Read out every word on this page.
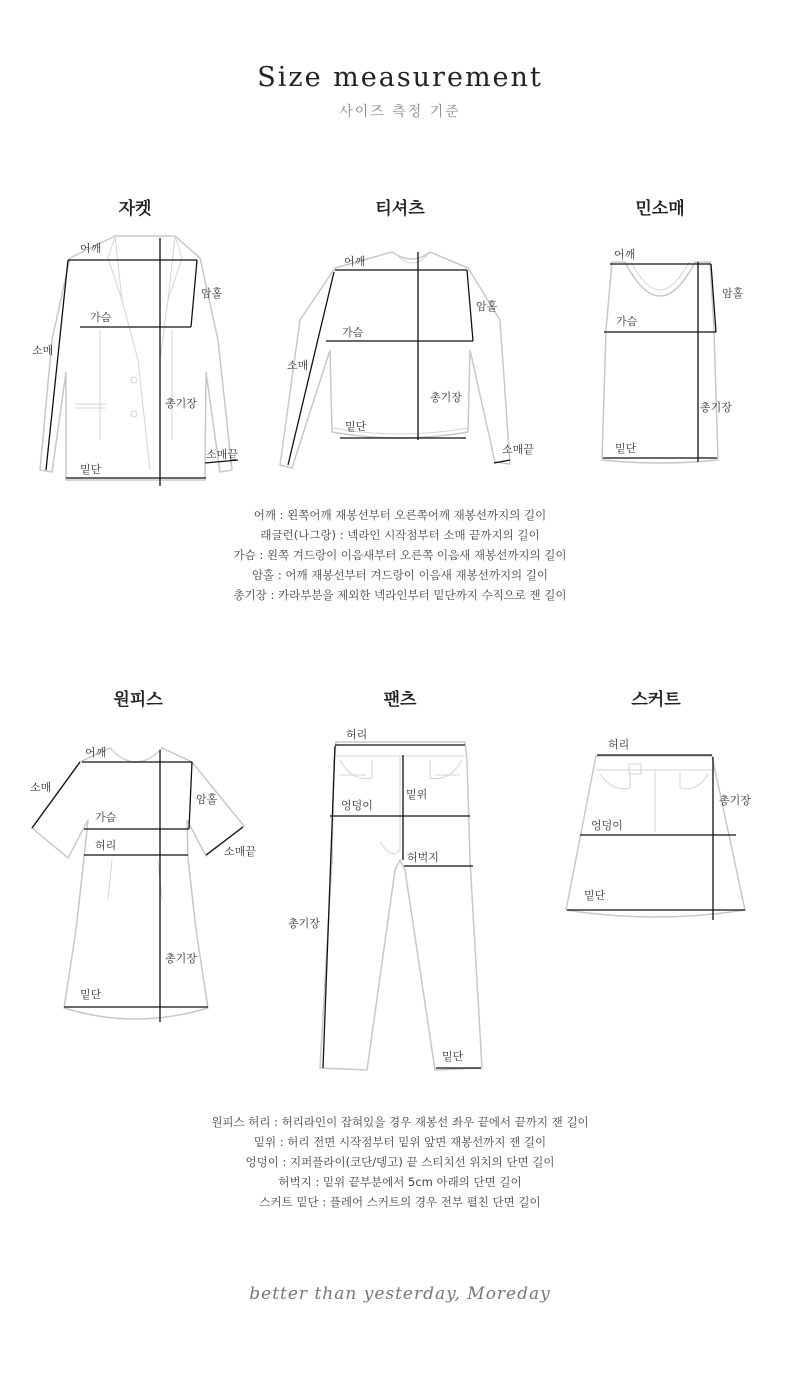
Size measurement
사이즈 측정 기준
자켓	티셔츠	민소매
어깨
암홀
가슴
소매
총기장
소매끝
밑단
어깨
암홀
가슴
소매
총기장
밑단
소매끝
어깨
암홀
가슴
총기장
밑단
어깨 : 왼쪽어깨 재봉선부터 오른쪽어깨 재봉선까지의 길이
래글런(나그랑) : 넥라인 시작점부터 소매 끝까지의 길이
가슴 : 왼쪽 겨드랑이 이음새부터 오른쪽 이음새 재봉선까지의 길이
암홀 : 어깨 재봉선부터 겨드랑이 이음새 재봉선까지의 길이
총기장 : 카라부분을 제외한 넥라인부터 밑단까지 수직으로 잰 길이
원피스	팬츠	스커트
어깨
소매
암홀
가슴
허리	소매끝
총기장
밑단
허리
밑위
엉덩이
허벅지
총기장
밑단
허리
총기장
엉덩이
밑단
원피스 허리 : 허리라인이 잡혀있을 경우 재봉선 좌우 끝에서 끝까지 잰 길이
밑위 : 허리 전면 시작점부터 밑위 앞면 재봉선까지 잰 길이
엉덩이 : 지퍼플라이(코단/뎅고) 끝 스티치선 위치의 단면 길이
허벅지 : 밑위 끝부분에서 5cm 아래의 단면 길이
스커트 밑단 : 플레어 스커트의 경우 전부 펼친 단면 길이
better than yesterday, Moreday
